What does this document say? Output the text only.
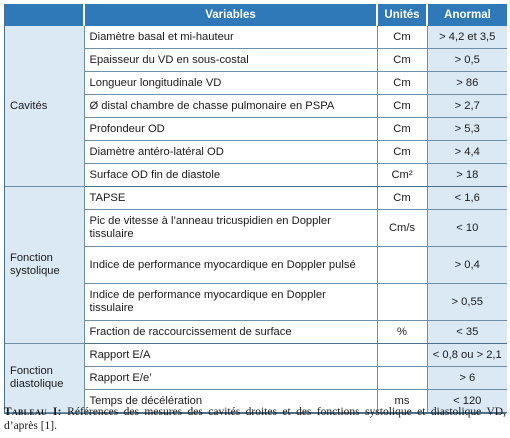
	Variables	Unités	Anormal
Cavités	Diamètre basal et mi-hauteur	Cm	> 4,2 et 3,5
	Epaisseur du VD en sous-costal	Cm	> 0,5
	Longueur longitudinale VD	Cm	> 86
	Ø distal chambre de chasse pulmonaire en PSPA	Cm	> 2,7
	Profondeur OD	Cm	> 5,3
	Diamètre antéro-latéral OD	Cm	> 4,4
	Surface OD fin de diastole	Cm²	> 18
Fonction systolique	TAPSE	Cm	< 1,6
	Pic de vitesse à l’anneau tricuspidien en Doppler tissulaire	Cm/s	< 10
	Indice de performance myocardique en Doppler pulsé		> 0,4
	Indice de performance myocardique en Doppler tissulaire		> 0,55
	Fraction de raccourcissement de surface	%	< 35
Fonction diastolique	Rapport E/A		< 0,8 ou > 2,1
	Rapport E/e’		> 6
	Temps de décélération	ms	< 120
Tableau I: Références des mesures des cavités droites et des fonctions systolique et diastolique VD, d’après [1].
